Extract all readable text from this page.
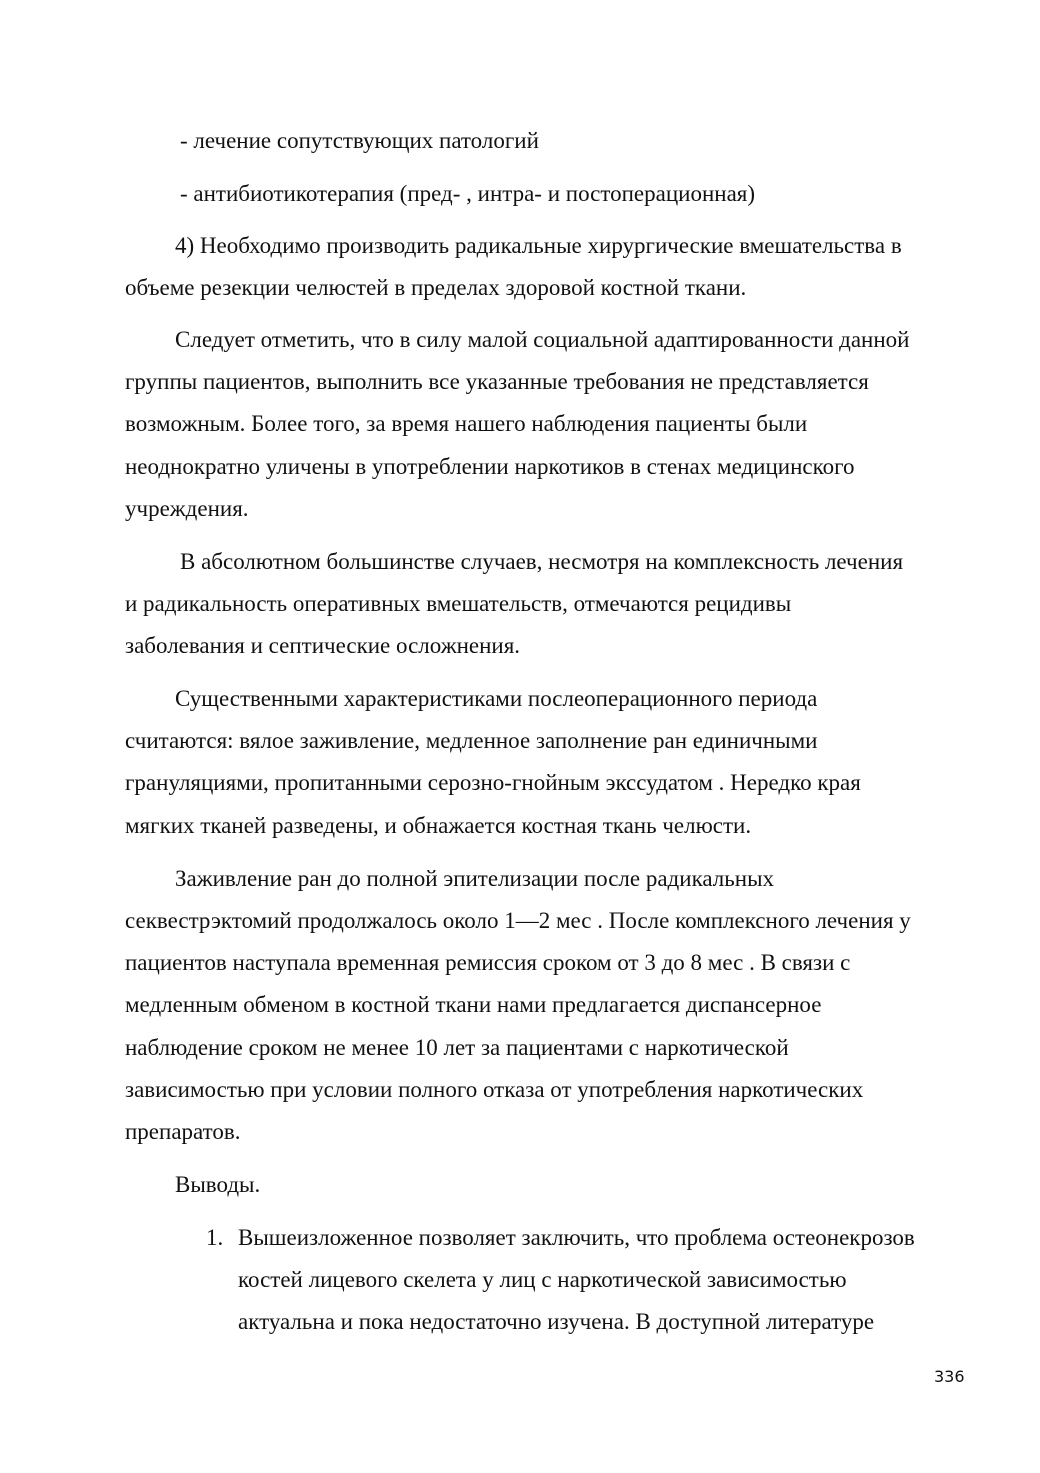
- лечение сопутствующих патологий
- антибиотикотерапия (пред- , интра- и постоперационная)
4) Необходимо производить радикальные хирургические вмешательства в
объеме резекции челюстей в пределах здоровой костной ткани.
Следует отметить, что в силу малой социальной адаптированности данной
группы пациентов, выполнить все указанные требования не представляется
возможным. Более того, за время нашего наблюдения пациенты были
неоднократно уличены в употреблении наркотиков в стенах медицинского
учреждения.
В абсолютном большинстве случаев, несмотря на комплексность лечения
и радикальность оперативных вмешательств, отмечаются рецидивы
заболевания и септические осложнения.
Существенными характеристиками послеоперационного периода
считаются: вялое заживление, медленное заполнение ран единичными
грануляциями, пропитанными серозно-гнойным экссудатом . Нередко края
мягких тканей разведены, и обнажается костная ткань челюсти.
Заживление ран до полной эпителизации после радикальных
секвестрэктомий продолжалось около 1—2 мес . После комплексного лечения у
пациентов наступала временная ремиссия сроком от 3 до 8 мес . В связи с
медленным обменом в костной ткани нами предлагается диспансерное
наблюдение сроком не менее 10 лет за пациентами с наркотической
зависимостью при условии полного отказа от употребления наркотических
препаратов.
Выводы.
1. Вышеизложенное позволяет заключить, что проблема остеонекрозов
костей лицевого скелета у лиц с наркотической зависимостью
актуальна и пока недостаточно изучена. В доступной литературе
336
